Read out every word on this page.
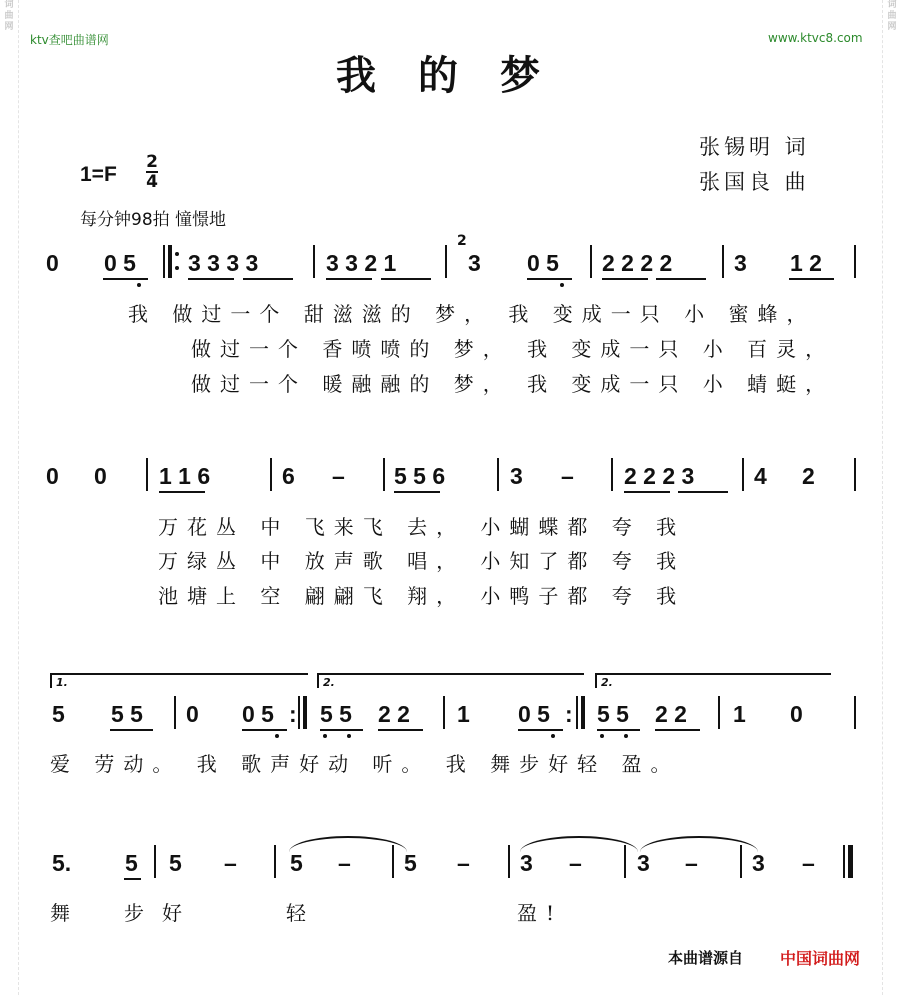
词
曲
网
词
曲
网
ktv查吧曲谱网	www.ktvc8.com
我的梦
张锡明 词
张国良 曲
$1=F \frac{2}{4}$
每分钟98拍 憧憬地
0 0 5 3 3 3 3	3 3 2 1
2
3 0 5 2 2 2 2	3 1 2
我 做过一个 甜滋滋的 梦， 我 变成一只 小 蜜蜂，
做过一个 香喷喷的 梦， 我 变成一只 小 百灵，
做过一个 暖融融的 梦， 我 变成一只 小 蜻蜓，
0 0 1 1 6	6 – 5 5 6	3 – 2 2 2 3	4 2
万花丛 中 飞来飞 去， 小蝴蝶都 夸 我
万绿丛 中 放声歌 唱， 小知了都 夸 我
池塘上 空 翩翩飞 翔， 小鸭子都 夸 我
1.	2.	2.
5 5 5 0 0 5 : 5 5 2 2 1 0 5 : 5 5 2 2 1 0
爱 劳动。 我 歌声好动 听。 我 舞步好轻 盈。
5. 5 5 – 5 – 5 – 3 – 3 – 3 –
舞 步好	轻	盈!
本曲谱源自 中国词曲网
